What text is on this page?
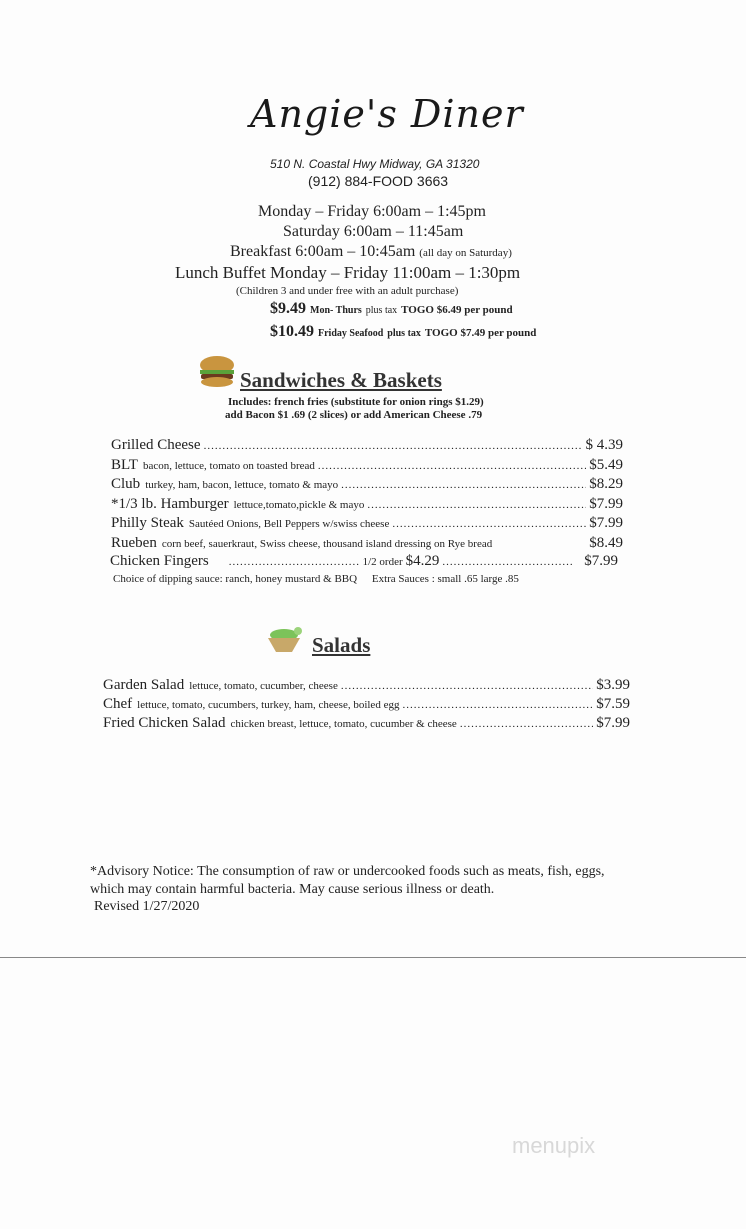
Angie's Diner
510 N. Coastal Hwy Midway, GA 31320
(912) 884-FOOD 3663
Monday – Friday 6:00am – 1:45pm
Saturday 6:00am – 11:45am
Breakfast 6:00am – 10:45am (all day on Saturday)
Lunch Buffet Monday – Friday 11:00am – 1:30pm
(Children 3 and under free with an adult purchase)
$9.49 Mon- Thurs plus tax TOGO $6.49 per pound
$10.49 Friday Seafood plus tax TOGO $7.49 per pound
Sandwiches & Baskets
Includes: french fries (substitute for onion rings $1.29)
add Bacon $1 .69 (2 slices) or add American Cheese .79
Grilled Cheese .....	$ 4.39
BLT bacon, lettuce, tomato on toasted bread .....	$5.49
Club turkey, ham, bacon, lettuce, tomato & mayo .....	$8.29
*1/3 lb. Hamburger lettuce,tomato,pickle & mayo .....	$7.99
Philly Steak Sautéed Onions, Bell Peppers w/swiss cheese .....	$7.99
Rueben corn beef, sauerkraut, Swiss cheese, thousand island dressing on Rye bread	$8.49
Chicken Fingers .....	1/2 order $4.29 .....	$7.99
Choice of dipping sauce: ranch, honey mustard & BBQ Extra Sauces : small .65 large .85
Salads
Garden Salad lettuce, tomato, cucumber, cheese .....	$3.99
Chef lettuce, tomato, cucumbers, turkey, ham, cheese, boiled egg .....	$7.59
Fried Chicken Salad chicken breast, lettuce, tomato, cucumber & cheese .....	$7.99
*Advisory Notice: The consumption of raw or undercooked foods such as meats, fish, eggs,
which may contain harmful bacteria. May cause serious illness or death.
Revised 1/27/2020
menupix
